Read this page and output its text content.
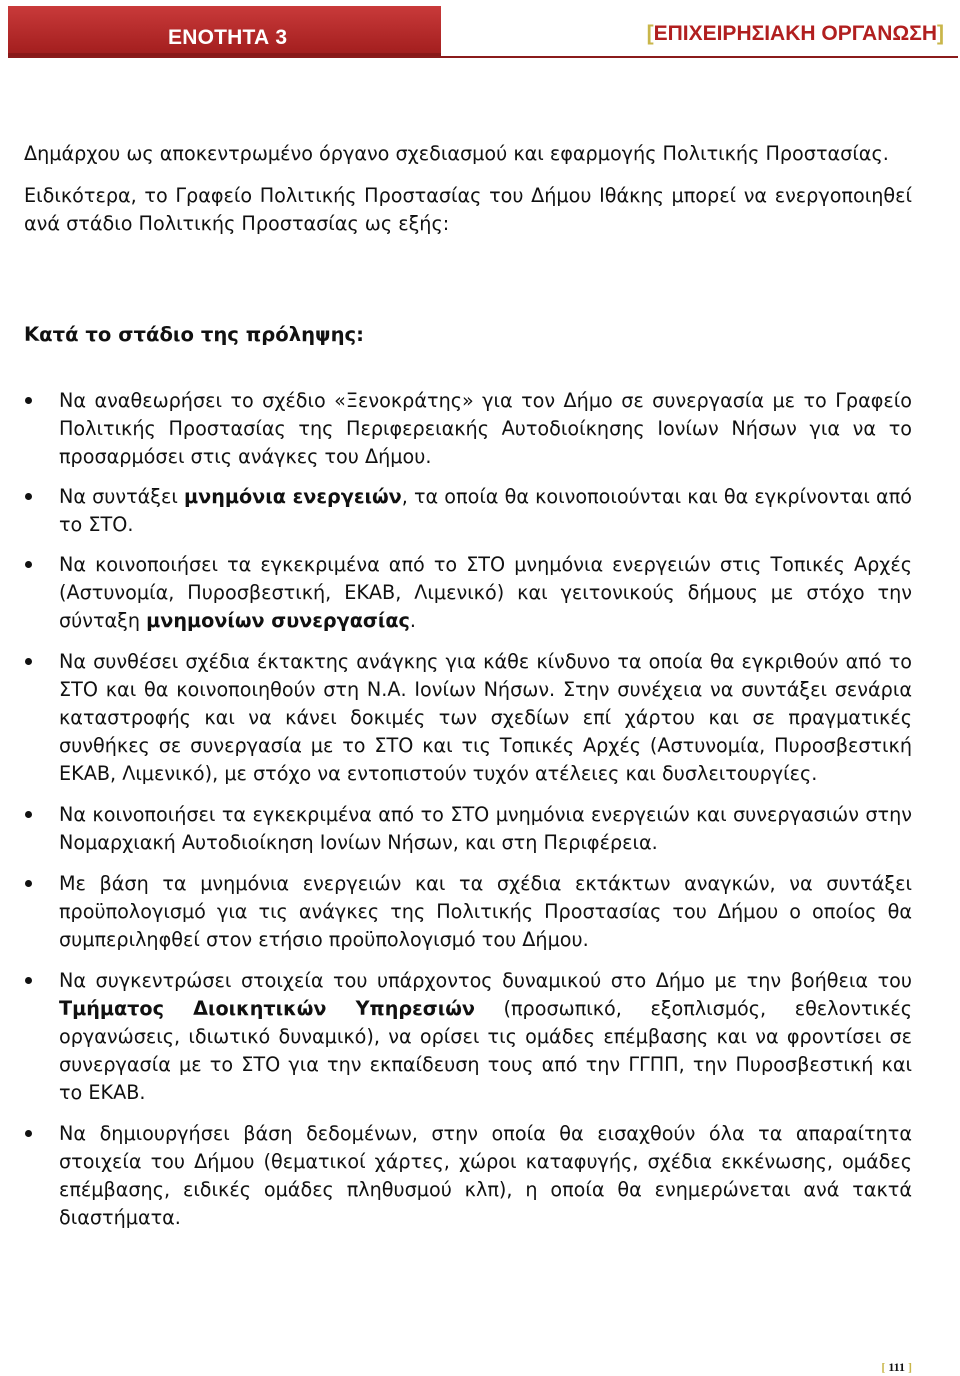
ΕΝΟΤΗΤΑ 3	[ΕΠΙΧΕΙΡΗΣΙΑΚΗ ΟΡΓΑΝΩΣΗ]

Δημάρχου ως αποκεντρωμένο όργανο σχεδιασμού και εφαρμογής Πολιτικής Προστασίας.

Ειδικότερα, το Γραφείο Πολιτικής Προστασίας του Δήμου Ιθάκης μπορεί να ενεργοποιηθεί ανά στάδιο Πολιτικής Προστασίας ως εξής:

Κατά το στάδιο της πρόληψης:

Να αναθεωρήσει το σχέδιο «Ξενοκράτης» για τον Δήμο σε συνεργασία με το Γραφείο Πολιτικής Προστασίας της Περιφερειακής Αυτοδιοίκησης Ιονίων Νήσων για να το προσαρμόσει στις ανάγκες του Δήμου.
Να συντάξει μνημόνια ενεργειών, τα οποία θα κοινοποιούνται και θα εγκρίνονται από το ΣΤΟ.
Να κοινοποιήσει τα εγκεκριμένα από το ΣΤΟ μνημόνια ενεργειών στις Τοπικές Αρχές (Αστυνομία, Πυροσβεστική, ΕΚΑΒ, Λιμενικό) και γειτονικούς δήμους με στόχο την σύνταξη μνημονίων συνεργασίας.
Να συνθέσει σχέδια έκτακτης ανάγκης για κάθε κίνδυνο τα οποία θα εγκριθούν από το ΣΤΟ και θα κοινοποιηθούν στη Ν.Α. Ιονίων Νήσων. Στην συνέχεια να συντάξει σενάρια καταστροφής και να κάνει δοκιμές των σχεδίων επί χάρτου και σε πραγματικές συνθήκες σε συνεργασία με το ΣΤΟ και τις Τοπικές Αρχές (Αστυνομία, Πυροσβεστική ΕΚΑΒ, Λιμενικό), με στόχο να εντοπιστούν τυχόν ατέλειες και δυσλειτουργίες.
Να κοινοποιήσει τα εγκεκριμένα από το ΣΤΟ μνημόνια ενεργειών και συνεργασιών στην Νομαρχιακή Αυτοδιοίκηση Ιονίων Νήσων, και στη Περιφέρεια.
Με βάση τα μνημόνια ενεργειών και τα σχέδια εκτάκτων αναγκών, να συντάξει προϋπολογισμό για τις ανάγκες της Πολιτικής Προστασίας του Δήμου ο οποίος θα συμπεριληφθεί στον ετήσιο προϋπολογισμό του Δήμου.
Να συγκεντρώσει στοιχεία του υπάρχοντος δυναμικού στο Δήμο με την βοήθεια του Τμήματος Διοικητικών Υπηρεσιών (προσωπικό, εξοπλισμός, εθελοντικές οργανώσεις, ιδιωτικό δυναμικό), να ορίσει τις ομάδες επέμβασης και να φροντίσει σε συνεργασία με το ΣΤΟ για την εκπαίδευση τους από την ΓΓΠΠ, την Πυροσβεστική και το ΕΚΑΒ.
Να δημιουργήσει βάση δεδομένων, στην οποία θα εισαχθούν όλα τα απαραίτητα στοιχεία του Δήμου (θεματικοί χάρτες, χώροι καταφυγής, σχέδια εκκένωσης, ομάδες επέμβασης, ειδικές ομάδες πληθυσμού κλπ), η οποία θα ενημερώνεται ανά τακτά διαστήματα.
[ 111 ]
